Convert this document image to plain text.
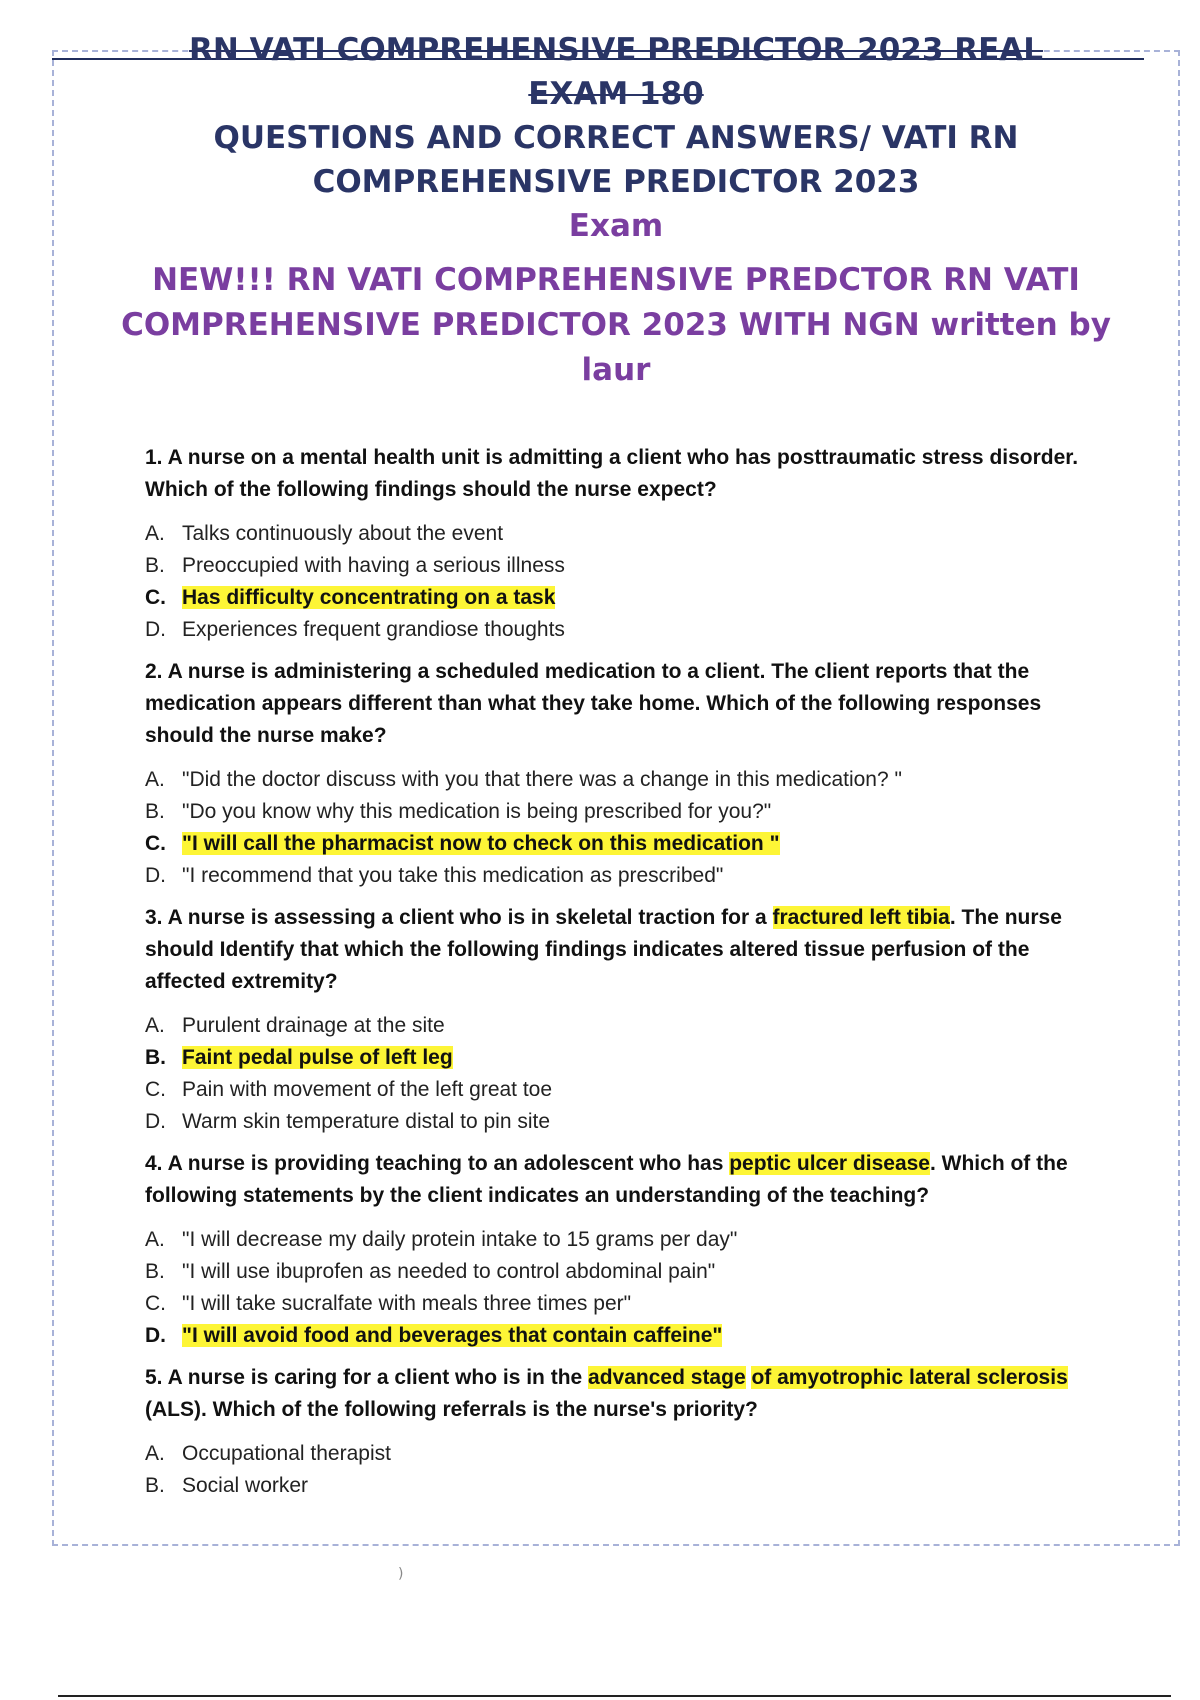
RN VATI COMPREHENSIVE PREDICTOR 2023 REAL EXAM 180
QUESTIONS AND CORRECT ANSWERS/ VATI RN
COMPREHENSIVE PREDICTOR 2023
Exam
NEW!!! RN VATI COMPREHENSIVE PREDCTOR RN VATI
COMPREHENSIVE PREDICTOR 2023 WITH NGN written by
laur
1. A nurse on a mental health unit is admitting a client who has posttraumatic stress disorder.
Which of the following findings should the nurse expect?
A. Talks continuously about the event
B. Preoccupied with having a serious illness
C. Has difficulty concentrating on a task
D. Experiences frequent grandiose thoughts
2. A nurse is administering a scheduled medication to a client. The client reports that the
medication appears different than what they take home. Which of the following responses
should the nurse make?
A. "Did the doctor discuss with you that there was a change in this medication? "
B. "Do you know why this medication is being prescribed for you?"
C. "I will call the pharmacist now to check on this medication "
D. "I recommend that you take this medication as prescribed"
3. A nurse is assessing a client who is in skeletal traction for a fractured left tibia. The nurse
should Identify that which the following findings indicates altered tissue perfusion of the
affected extremity?
A. Purulent drainage at the site
B. Faint pedal pulse of left leg
C. Pain with movement of the left great toe
D. Warm skin temperature distal to pin site
4. A nurse is providing teaching to an adolescent who has peptic ulcer disease. Which of the
following statements by the client indicates an understanding of the teaching?
A. "I will decrease my daily protein intake to 15 grams per day"
B. "I will use ibuprofen as needed to control abdominal pain"
C. "I will take sucralfate with meals three times per"
D. "I will avoid food and beverages that contain caffeine"
5. A nurse is caring for a client who is in the advanced stage of amyotrophic lateral sclerosis
(ALS). Which of the following referrals is the nurse's priority?
A. Occupational therapist
B. Social worker
)
